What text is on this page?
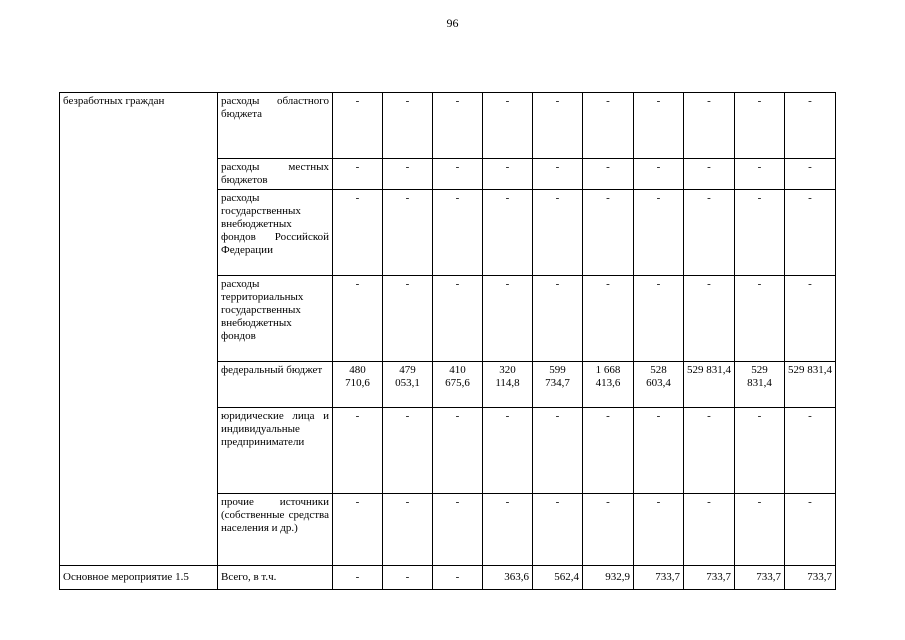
96
безработных граждан	расходы областного бюджета	-	-	-	-	-	-	-	-	-	-
	расходы местных бюджетов	-	-	-	-	-	-	-	-	-	-
	расходы государственных внебюджетных фондов Российской Федерации	-	-	-	-	-	-	-	-	-	-
	расходы территориальных государственных внебюджетных фондов	-	-	-	-	-	-	-	-	-	-
	федеральный бюджет	480 710,6	479 053,1	410 675,6	320 114,8	599 734,7	1 668 413,6	528 603,4	529 831,4	529 831,4	529 831,4
	юридические лица и индивидуальные предприниматели	-	-	-	-	-	-	-	-	-	-
	прочие источники (собственные средства населения и др.)	-	-	-	-	-	-	-	-	-	-
Основное мероприятие 1.5	Всего, в т.ч.	-	-	-	363,6	562,4	932,9	733,7	733,7	733,7	733,7
